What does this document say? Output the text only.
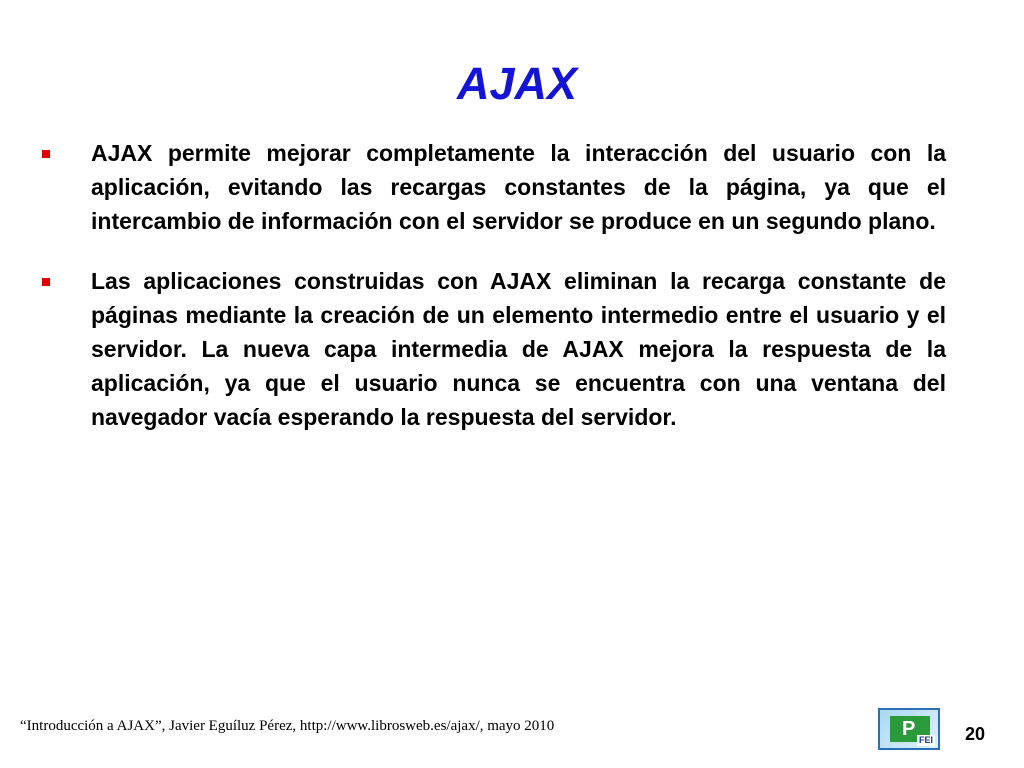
AJAX
AJAX permite mejorar completamente la interacción del usuario con la aplicación, evitando las recargas constantes de la página, ya que el intercambio de información con el servidor se produce en un segundo plano.
Las aplicaciones construidas con AJAX eliminan la recarga constante de páginas mediante la creación de un elemento intermedio entre el usuario y el servidor. La nueva capa intermedia de AJAX mejora la respuesta de la aplicación, ya que el usuario nunca se encuentra con una ventana del navegador vacía esperando la respuesta del servidor.
“Introducción a AJAX”, Javier Eguíluz Pérez, http://www.librosweb.es/ajax/, mayo 2010	P FEI 20
